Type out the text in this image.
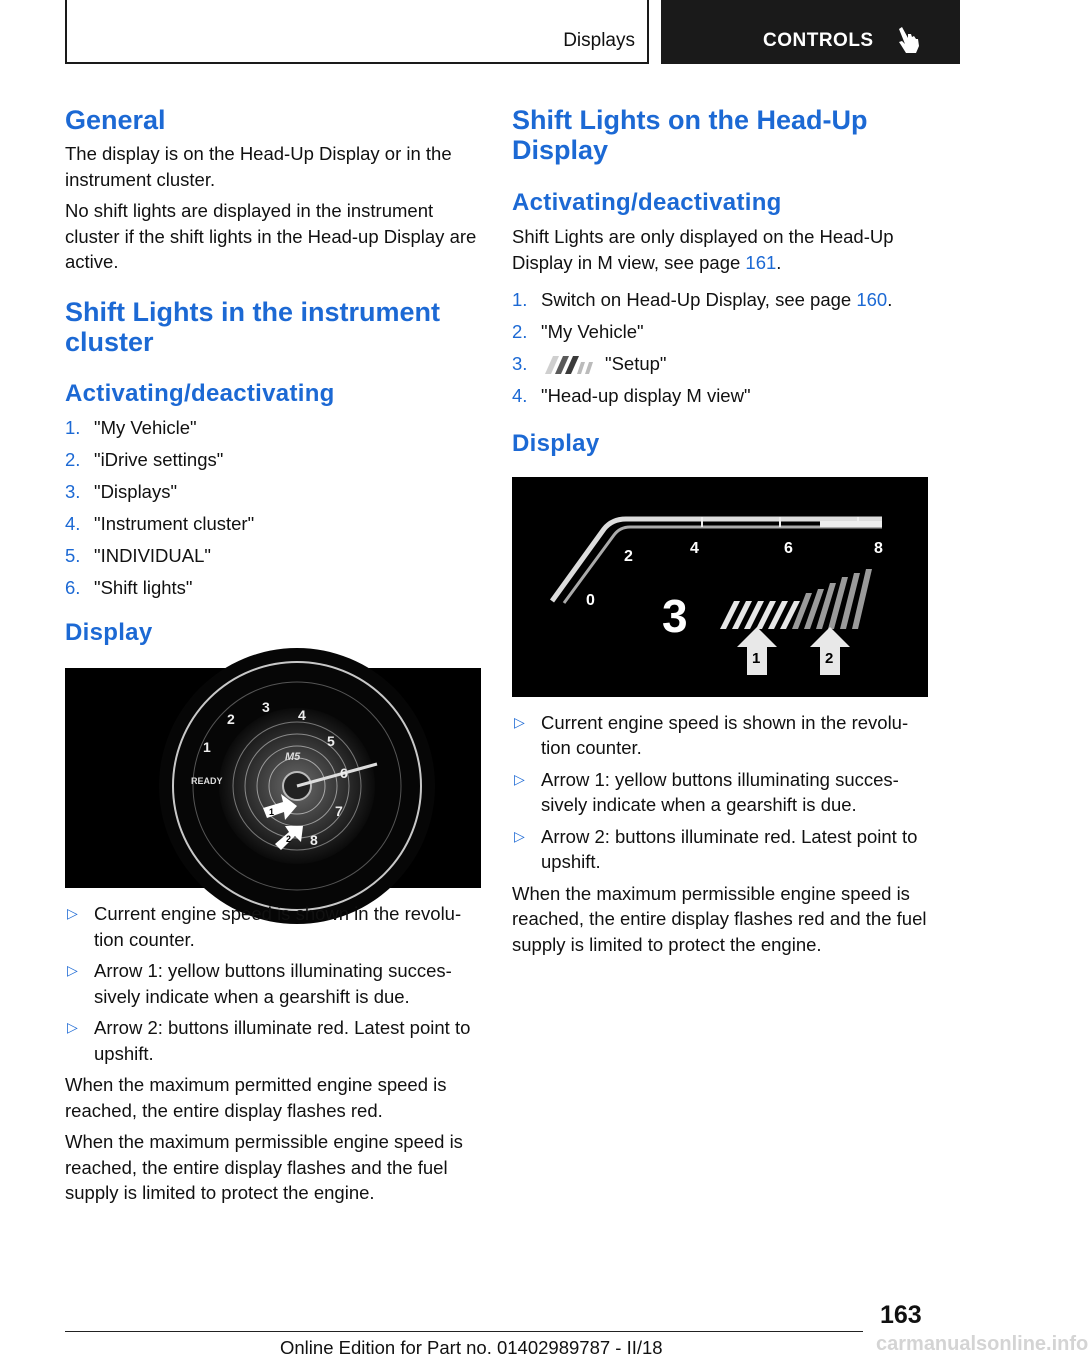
Displays	CONTROLS
General

The display is on the Head-Up Display or in the instrument cluster.

No shift lights are displayed in the instrument cluster if the shift lights in the Head-up Display are active.

Shift Lights in the instrument cluster
Activating/deactivating
1. "My Vehicle"
2. "iDrive settings"
3. "Displays"
4. "Instrument cluster"
5. "INDIVIDUAL"
6. "Shift lights"
Display
1
2
3 4
5
6
7
8
READY
M5
1
2
▷ Current engine speed is shown in the revolution counter.
▷ Arrow 1: yellow buttons illuminating successively indicate when a gearshift is due.
▷ Arrow 2: buttons illuminate red. Latest point to upshift.

When the maximum permitted engine speed is reached, the entire display flashes red.

When the maximum permissible engine speed is reached, the entire display flashes and the fuel supply is limited to protect the engine.

Shift Lights on the Head-Up Display
Activating/deactivating

Shift Lights are only displayed on the Head-Up Display in M view, see page 161.

1. Switch on Head-Up Display, see page 160.
2. "My Vehicle"
3.	"Setup"
4. "Head-up display M view"
Display
0
2	4	6	8
3
1	2
▷ Current engine speed is shown in the revolution counter.
▷ Arrow 1: yellow buttons illuminating successively indicate when a gearshift is due.
▷ Arrow 2: buttons illuminate red. Latest point to upshift.

When the maximum permissible engine speed is reached, the entire display flashes red and the fuel supply is limited to protect the engine.

163
Online Edition for Part no. 01402989787 - II/18	carmanualsonline.info
